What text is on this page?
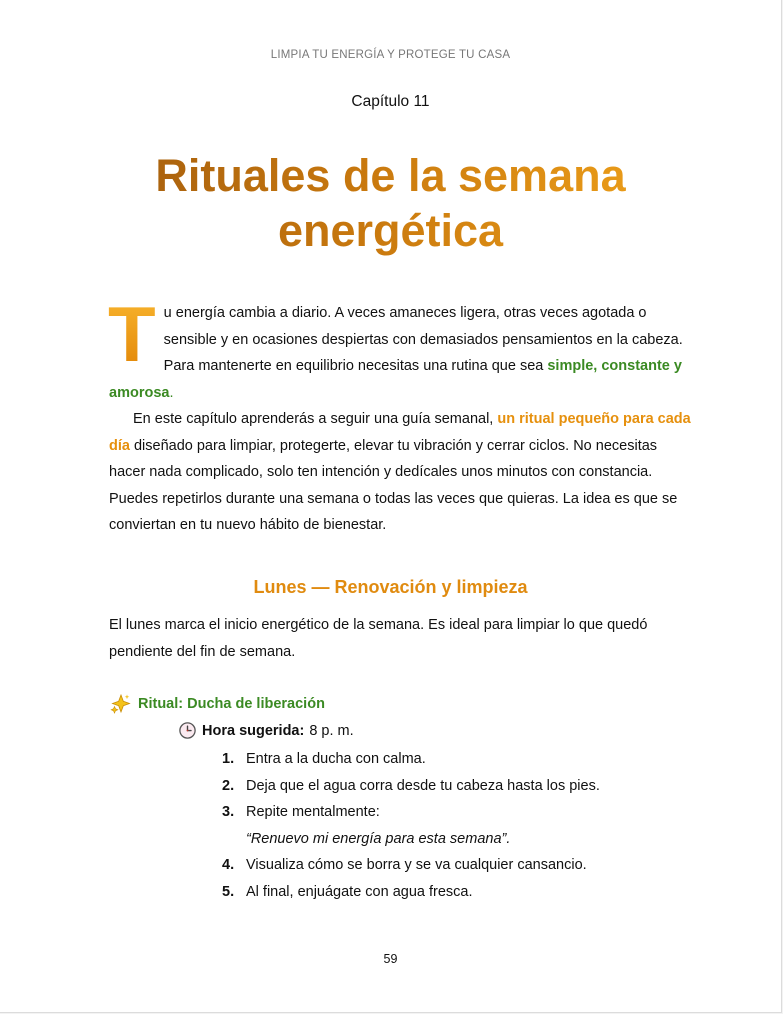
LIMPIA TU ENERGÍA Y PROTEGE TU CASA
Capítulo 11
Rituales de la semana energética

T u energía cambia a diario. A veces amaneces ligera, otras veces agotada o sensible y en ocasiones despiertas con demasiados pensamientos en la cabeza. Para mantenerte en equilibrio necesitas una rutina que sea simple, constante y amorosa.

En este capítulo aprenderás a seguir una guía semanal, un ritual pequeño para cada día diseñado para limpiar, protegerte, elevar tu vibración y cerrar ciclos. No necesitas hacer nada complicado, solo ten intención y dedícales unos minutos con constancia. Puedes repetirlos durante una semana o todas las veces que quieras. La idea es que se conviertan en tu nuevo hábito de bienestar.

Lunes — Renovación y limpieza

El lunes marca el inicio energético de la semana. Es ideal para limpiar lo que quedó pendiente del fin de semana.

Ritual: Ducha de liberación
Hora sugerida: 8 p. m.
1. Entra a la ducha con calma.
2. Deja que el agua corra desde tu cabeza hasta los pies.
3. Repite mentalmente:
“Renuevo mi energía para esta semana”.
4. Visualiza cómo se borra y se va cualquier cansancio.
5. Al final, enjuágate con agua fresca.
59
